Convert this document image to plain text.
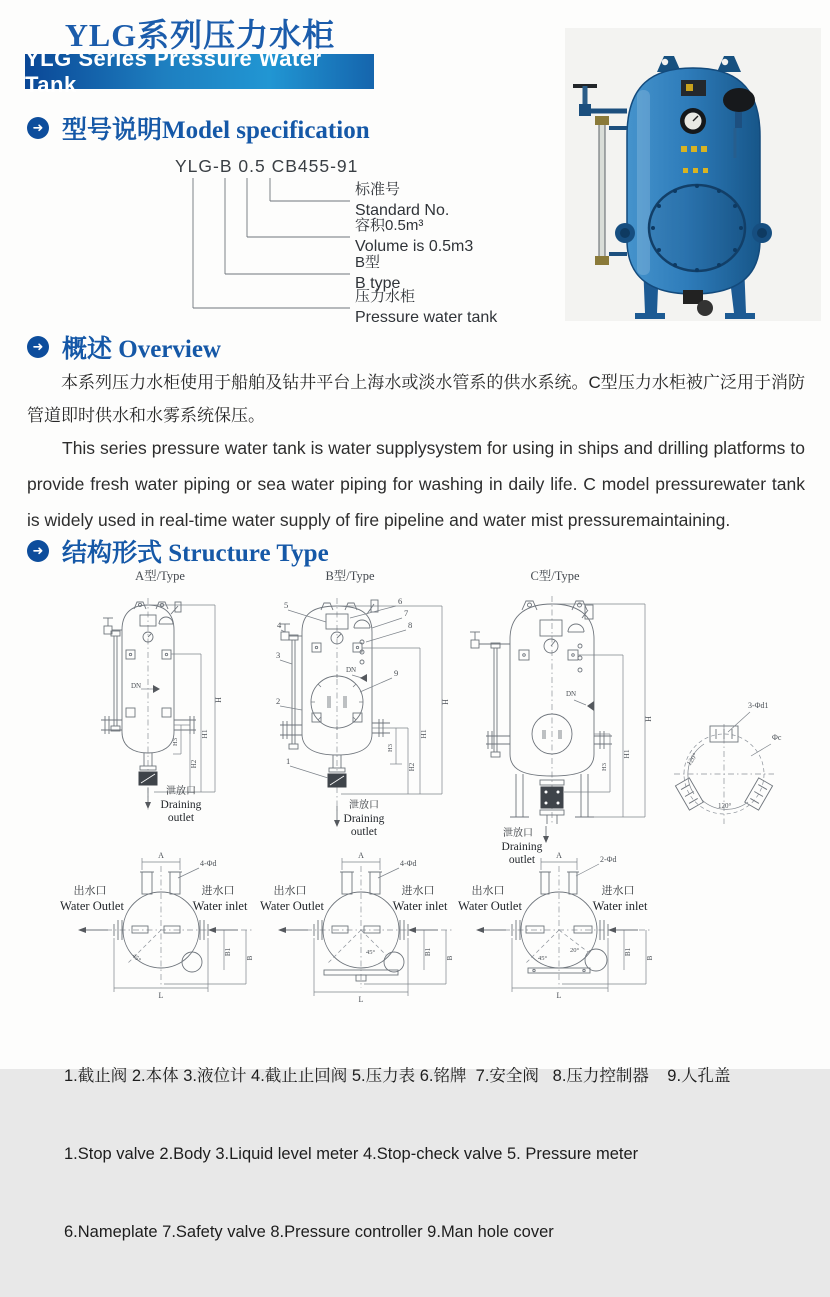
YLG系列压力水柜
YLG Series Pressure Water Tank
➜ 型号说明Model specification
YLG-B 0.5 CB455-91
标准号
Standard No.
容积0.5m³
Volume is 0.5m3
B型
B type
压力水柜
Pressure water tank
➜ 概述 Overview
本系列压力水柜使用于船舶及钻井平台上海水或淡水管系的供水系统。C型压力水柜被广泛用于消防管道即时供水和水雾系统保压。
This series pressure water tank is water supplysystem for using in ships and drilling platforms to provide fresh water piping or sea water piping for washing in daily life. C model pressurewater tank is widely used in real-time water supply of fire pipeline and water mist pressuremaintaining.
➜ 结构形式 Structure Type
A型/Type	B型/Type	C型/Type
H
H1
H2
H3
DN
泄放口
Draining
outlet
H
H1
H2
H3
DN
5
4
3
2
1
6
7
8
9
泄放口
Draining
outlet
H
H1
H3
DN
泄放口
Draining
outlet
3-Φd1
Φc
120°
120°
A
4-Φd
出水口
Water Outlet
进水口
Water inlet
45°
B1
B
L
A
4-Φd
出水口
Water Outlet
进水口
Water inlet
45°	B1
B
L
A	2-Φd
出水口
Water Outlet
进水口
Water inlet
45°
20°	B1
B
L

1.截止阀 2.本体 3.液位计 4.截止止回阀 5.压力表 6.铭牌  7.安全阀   8.压力控制器    9.人孔盖

1.Stop valve 2.Body 3.Liquid level meter 4.Stop-check valve 5. Pressure meter

6.Nameplate 7.Safety valve 8.Pressure controller 9.Man hole cover
